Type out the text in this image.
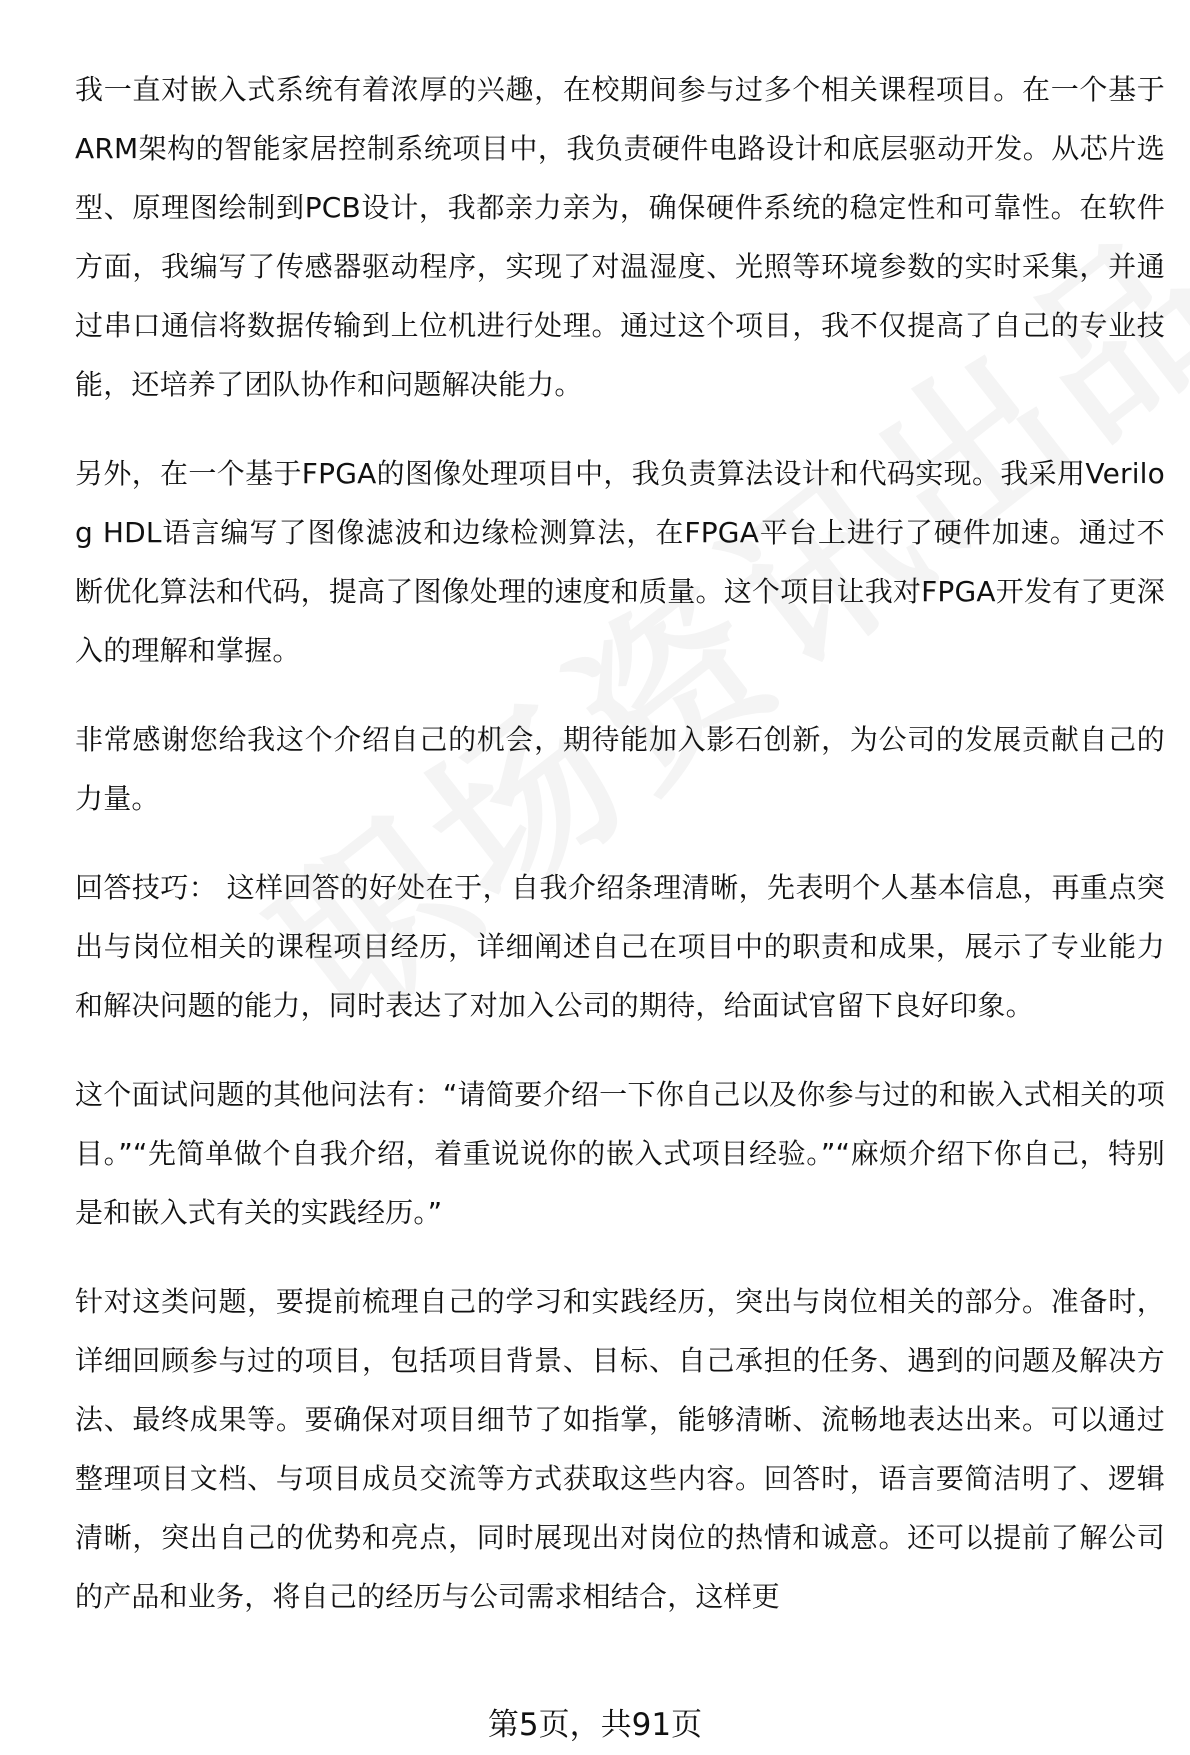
我一直对嵌入式系统有着浓厚的兴趣，在校期间参与过多个相关课程项目。在一个基于ARM架构的智能家居控制系统项目中，我负责硬件电路设计和底层驱动开发。从芯片选型、原理图绘制到PCB设计，我都亲力亲为，确保硬件系统的稳定性和可靠性。在软件方面，我编写了传感器驱动程序，实现了对温湿度、光照等环境参数的实时采集，并通过串口通信将数据传输到上位机进行处理。通过这个项目，我不仅提高了自己的专业技能，还培养了团队协作和问题解决能力。

另外，在一个基于FPGA的图像处理项目中，我负责算法设计和代码实现。我采用Verilog HDL语言编写了图像滤波和边缘检测算法，在FPGA平台上进行了硬件加速。通过不断优化算法和代码，提高了图像处理的速度和质量。这个项目让我对FPGA开发有了更深入的理解和掌握。

非常感谢您给我这个介绍自己的机会，期待能加入影石创新，为公司的发展贡献自己的力量。

回答技巧： 这样回答的好处在于，自我介绍条理清晰，先表明个人基本信息，再重点突出与岗位相关的课程项目经历，详细阐述自己在项目中的职责和成果，展示了专业能力和解决问题的能力，同时表达了对加入公司的期待，给面试官留下良好印象。

这个面试问题的其他问法有：“请简要介绍一下你自己以及你参与过的和嵌入式相关的项目。”“先简单做个自我介绍，着重说说你的嵌入式项目经验。”“麻烦介绍下你自己，特别是和嵌入式有关的实践经历。”

针对这类问题，要提前梳理自己的学习和实践经历，突出与岗位相关的部分。准备时，详细回顾参与过的项目，包括项目背景、目标、自己承担的任务、遇到的问题及解决方法、最终成果等。要确保对项目细节了如指掌，能够清晰、流畅地表达出来。可以通过整理项目文档、与项目成员交流等方式获取这些内容。回答时，语言要简洁明了、逻辑清晰，突出自己的优势和亮点，同时展现出对岗位的热情和诚意。还可以提前了解公司的产品和业务，将自己的经历与公司需求相结合，这样更

第5页，共91页
